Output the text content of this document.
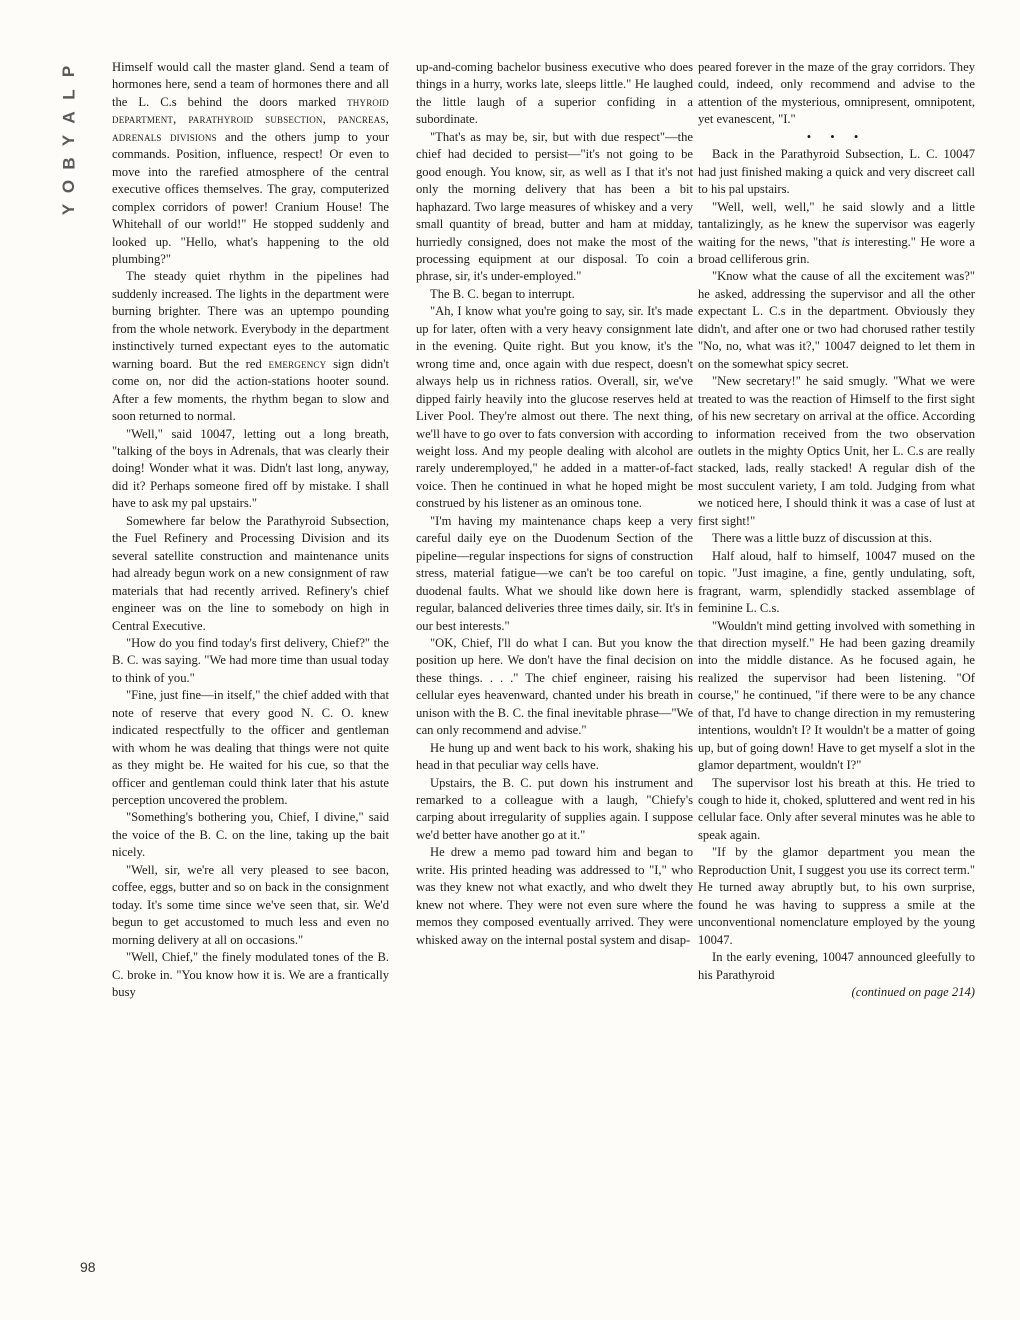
P
L
A
Y
B
O
Y
98

Himself would call the master gland. Send a team of hormones here, send a team of hormones there and all the L. C.s behind the doors marked thyroid department, parathyroid subsection, pancreas, adrenals divisions and the others jump to your commands. Position, influence, respect! Or even to move into the rarefied atmosphere of the central executive offices themselves. The gray, computerized complex corridors of power! Cranium House! The Whitehall of our world!" He stopped suddenly and looked up. "Hello, what's happening to the old plumbing?"

The steady quiet rhythm in the pipelines had suddenly increased. The lights in the department were burning brighter. There was an uptempo pounding from the whole network. Everybody in the department instinctively turned expectant eyes to the automatic warning board. But the red emergency sign didn't come on, nor did the action-stations hooter sound. After a few moments, the rhythm began to slow and soon returned to normal.

"Well," said 10047, letting out a long breath, "talking of the boys in Adrenals, that was clearly their doing! Wonder what it was. Didn't last long, anyway, did it? Perhaps someone fired off by mistake. I shall have to ask my pal upstairs."

Somewhere far below the Parathyroid Subsection, the Fuel Refinery and Processing Division and its several satellite construction and maintenance units had already begun work on a new consignment of raw materials that had recently arrived. Refinery's chief engineer was on the line to somebody on high in Central Executive.

"How do you find today's first delivery, Chief?" the B. C. was saying. "We had more time than usual today to think of you."

"Fine, just fine—in itself," the chief added with that note of reserve that every good N. C. O. knew indicated respectfully to the officer and gentleman with whom he was dealing that things were not quite as they might be. He waited for his cue, so that the officer and gentleman could think later that his astute perception uncovered the problem.

"Something's bothering you, Chief, I divine," said the voice of the B. C. on the line, taking up the bait nicely.

"Well, sir, we're all very pleased to see bacon, coffee, eggs, butter and so on back in the consignment today. It's some time since we've seen that, sir. We'd begun to get accustomed to much less and even no morning delivery at all on occasions."

"Well, Chief," the finely modulated tones of the B. C. broke in. "You know how it is. We are a frantically busy

up-and-coming bachelor business executive who does things in a hurry, works late, sleeps little." He laughed the little laugh of a superior confiding in a subordinate.

"That's as may be, sir, but with due respect"—the chief had decided to persist—"it's not going to be good enough. You know, sir, as well as I that it's not only the morning delivery that has been a bit haphazard. Two large measures of whiskey and a very small quantity of bread, butter and ham at midday, hurriedly consigned, does not make the most of the processing equipment at our disposal. To coin a phrase, sir, it's under-employed."

The B. C. began to interrupt.

"Ah, I know what you're going to say, sir. It's made up for later, often with a very heavy consignment late in the evening. Quite right. But you know, it's the wrong time and, once again with due respect, doesn't always help us in richness ratios. Overall, sir, we've dipped fairly heavily into the glucose reserves held at Liver Pool. They're almost out there. The next thing, we'll have to go over to fats conversion with according weight loss. And my people dealing with alcohol are rarely underemployed," he added in a matter-of-fact voice. Then he continued in what he hoped might be construed by his listener as an ominous tone.

"I'm having my maintenance chaps keep a very careful daily eye on the Duodenum Section of the pipeline—regular inspections for signs of construction stress, material fatigue—we can't be too careful on duodenal faults. What we should like down here is regular, balanced deliveries three times daily, sir. It's in our best interests."

"OK, Chief, I'll do what I can. But you know the position up here. We don't have the final decision on these things. . . ." The chief engineer, raising his cellular eyes heavenward, chanted under his breath in unison with the B. C. the final inevitable phrase—"We can only recommend and advise."

He hung up and went back to his work, shaking his head in that peculiar way cells have.

Upstairs, the B. C. put down his instrument and remarked to a colleague with a laugh, "Chiefy's carping about irregularity of supplies again. I suppose we'd better have another go at it."

He drew a memo pad toward him and began to write. His printed heading was addressed to "I," who was they knew not what exactly, and who dwelt they knew not where. They were not even sure where the memos they composed eventually arrived. They were whisked away on the internal postal system and disap-

peared forever in the maze of the gray corridors. They could, indeed, only recommend and advise to the attention of the mysterious, omnipresent, omnipotent, yet evanescent, "I."

• • •

Back in the Parathyroid Subsection, L. C. 10047 had just finished making a quick and very discreet call to his pal upstairs.

"Well, well, well," he said slowly and a little tantalizingly, as he knew the supervisor was eagerly waiting for the news, "that is interesting." He wore a broad celliferous grin.

"Know what the cause of all the excitement was?" he asked, addressing the supervisor and all the other expectant L. C.s in the department. Obviously they didn't, and after one or two had chorused rather testily "No, no, what was it?," 10047 deigned to let them in on the somewhat spicy secret.

"New secretary!" he said smugly. "What we were treated to was the reaction of Himself to the first sight of his new secretary on arrival at the office. According to information received from the two observation outlets in the mighty Optics Unit, her L. C.s are really stacked, lads, really stacked! A regular dish of the most succulent variety, I am told. Judging from what we noticed here, I should think it was a case of lust at first sight!"

There was a little buzz of discussion at this.

Half aloud, half to himself, 10047 mused on the topic. "Just imagine, a fine, gently undulating, soft, fragrant, warm, splendidly stacked assemblage of feminine L. C.s.

"Wouldn't mind getting involved with something in that direction myself." He had been gazing dreamily into the middle distance. As he focused again, he realized the supervisor had been listening. "Of course," he continued, "if there were to be any chance of that, I'd have to change direction in my remustering intentions, wouldn't I? It wouldn't be a matter of going up, but of going down! Have to get myself a slot in the glamor department, wouldn't I?"

The supervisor lost his breath at this. He tried to cough to hide it, choked, spluttered and went red in his cellular face. Only after several minutes was he able to speak again.

"If by the glamor department you mean the Reproduction Unit, I suggest you use its correct term." He turned away abruptly but, to his own surprise, found he was having to suppress a smile at the unconventional nomenclature employed by the young 10047.

In the early evening, 10047 announced gleefully to his Parathyroid

(continued on page 214)
